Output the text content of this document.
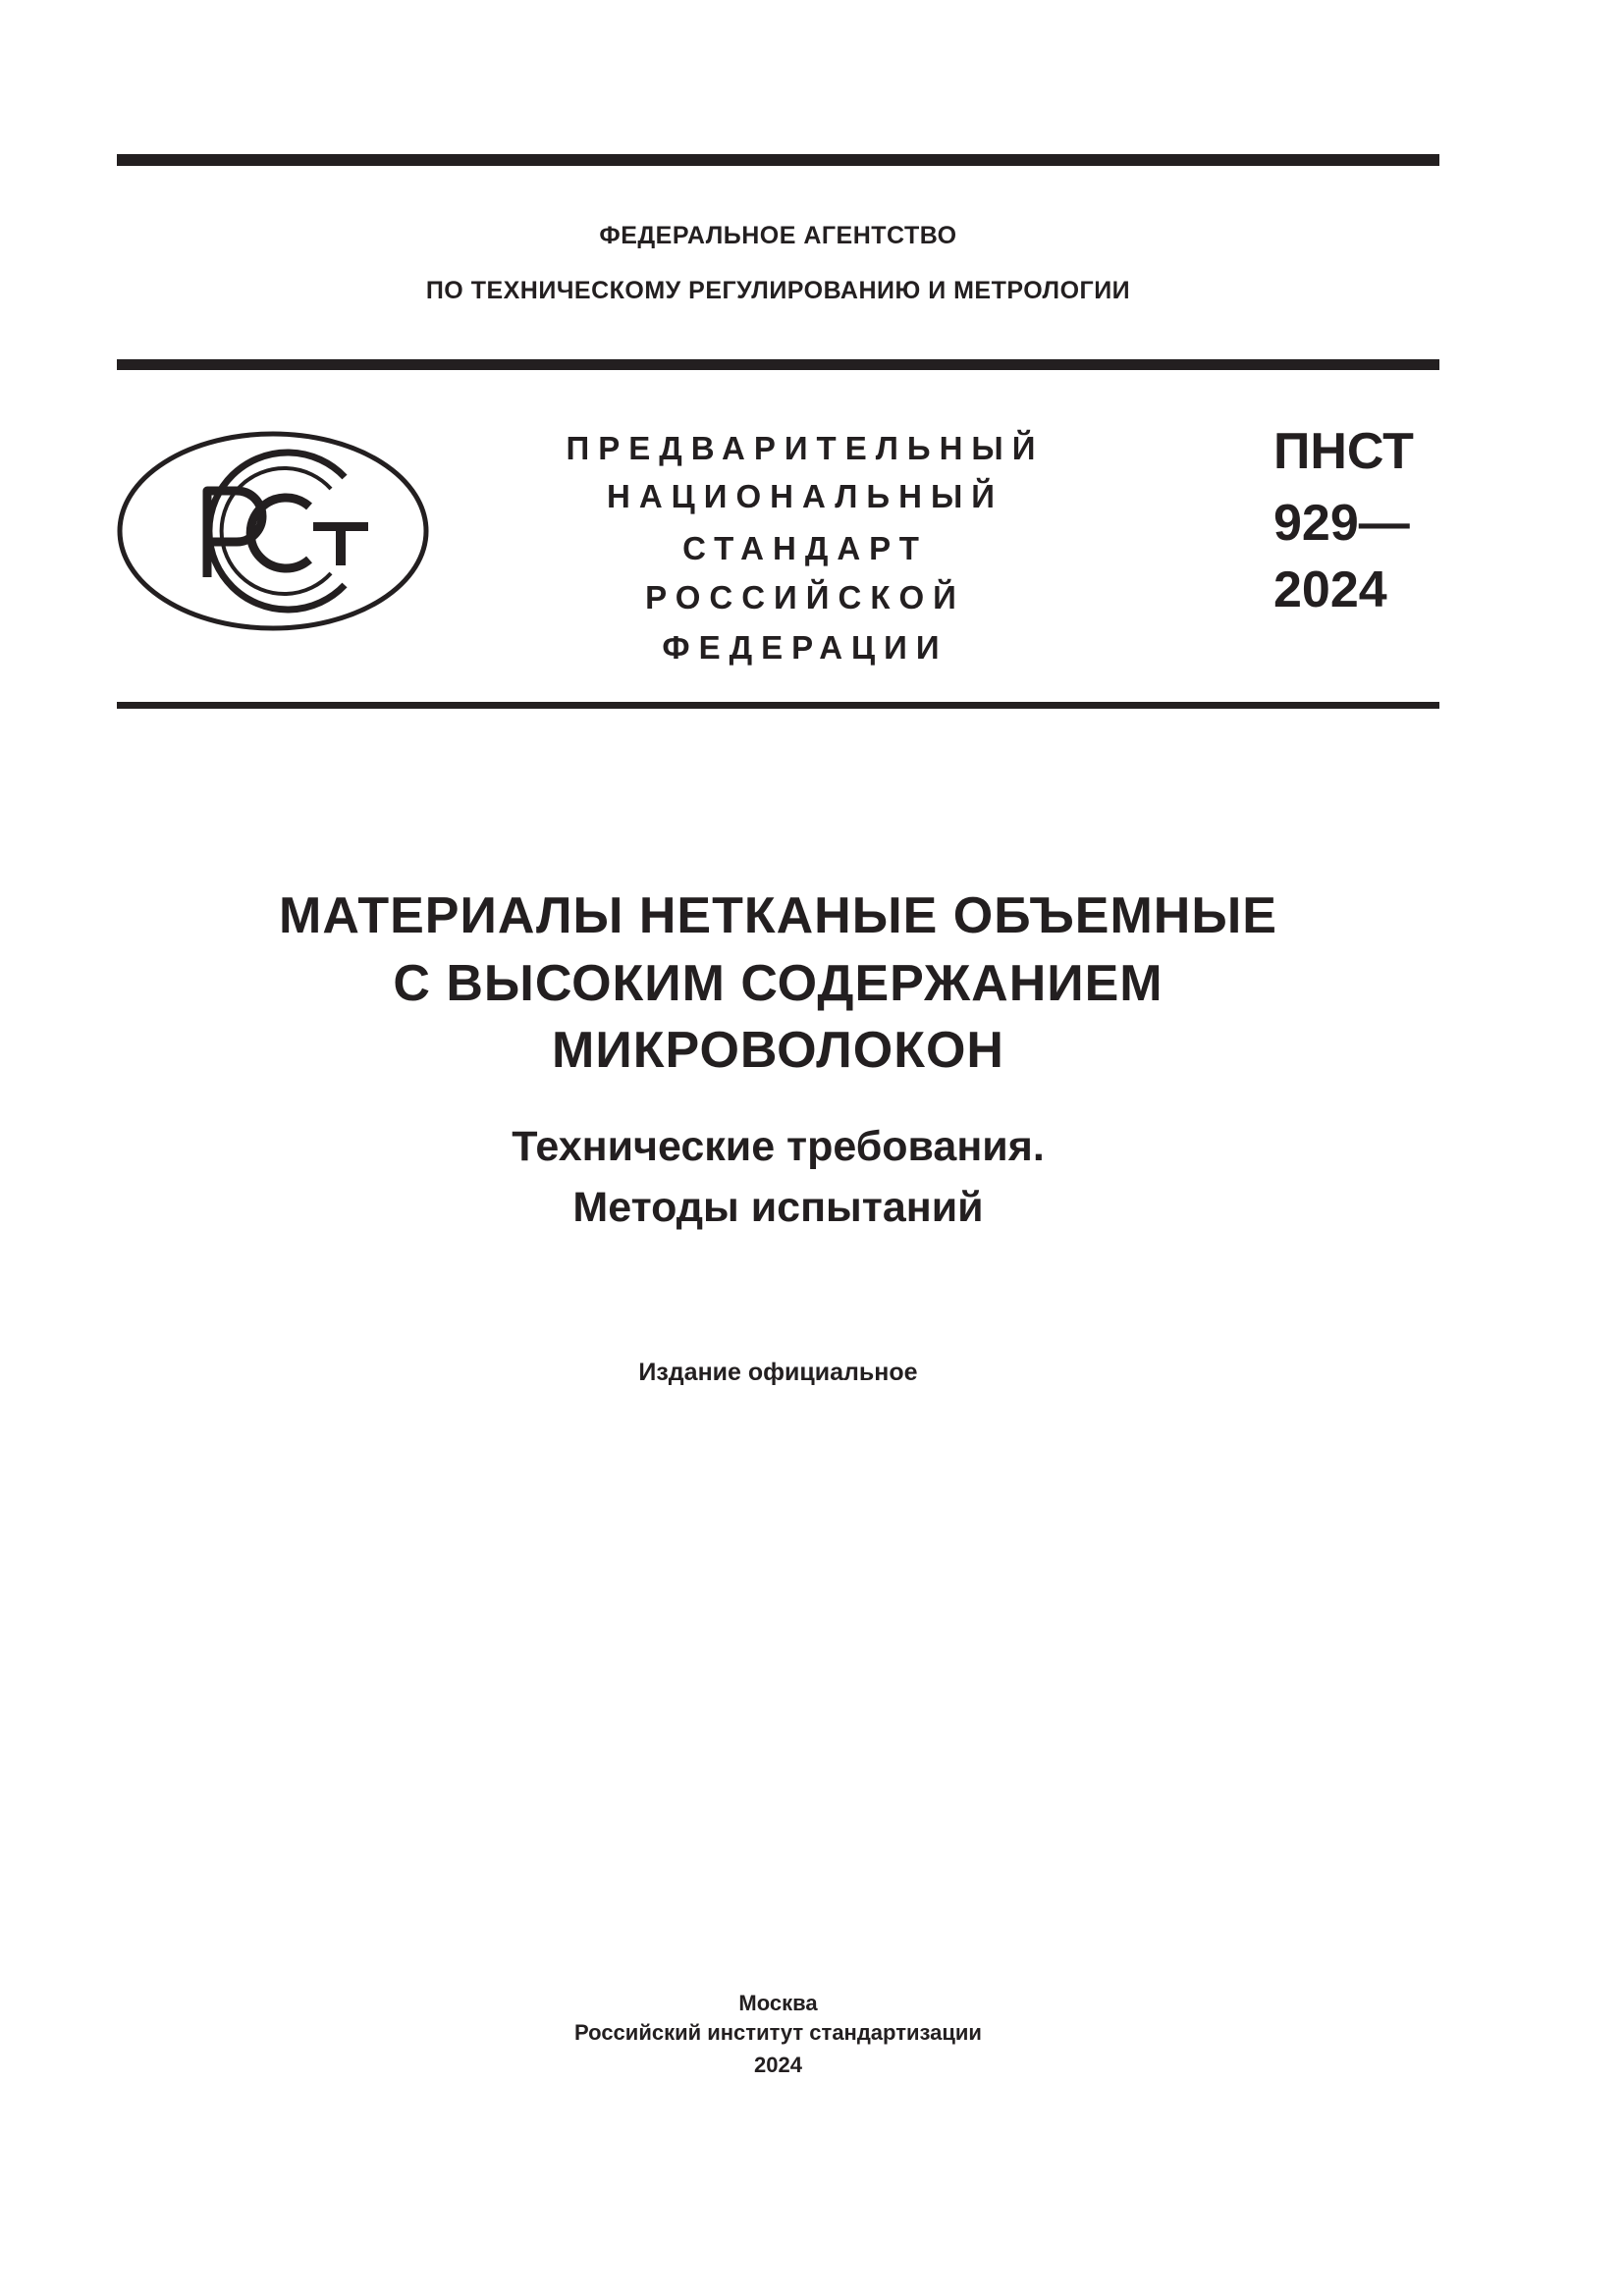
ФЕДЕРАЛЬНОЕ АГЕНТСТВО
ПО ТЕХНИЧЕСКОМУ РЕГУЛИРОВАНИЮ И МЕТРОЛОГИИ
ПРЕДВАРИТЕЛЬНЫЙ
НАЦИОНАЛЬНЫЙ
СТАНДАРТ
РОССИЙСКОЙ
ФЕДЕРАЦИИ
ПНСТ
929—
2024
МАТЕРИАЛЫ НЕТКАНЫЕ ОБЪЕМНЫЕ
С ВЫСОКИМ СОДЕРЖАНИЕМ
МИКРОВОЛОКОН
Технические требования.
Методы испытаний
Издание официальное
Москва
Российский институт стандартизации
2024
